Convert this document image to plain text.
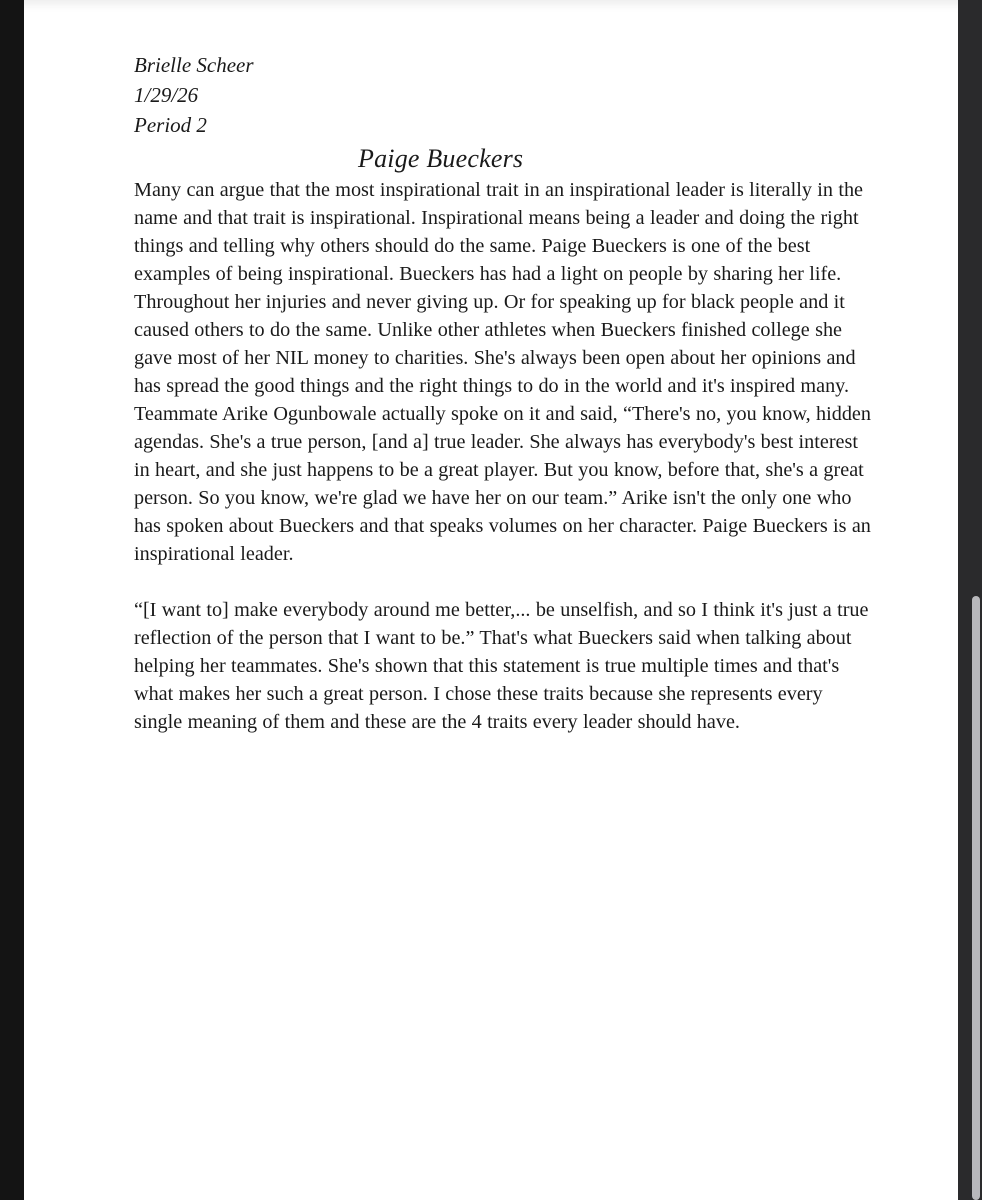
Brielle Scheer
1/29/26
Period 2
Paige Bueckers

Many can argue that the most inspirational trait in an inspirational leader is literally in the name and that trait is inspirational. Inspirational means being a leader and doing the right things and telling why others should do the same. Paige Bueckers is one of the best examples of being inspirational. Bueckers has had a light on people by sharing her life. Throughout her injuries and never giving up. Or for speaking up for black people and it caused others to do the same. Unlike other athletes when Bueckers finished college she gave most of her NIL money to charities. She's always been open about her opinions and has spread the good things and the right things to do in the world and it's inspired many. Teammate Arike Ogunbowale actually spoke on it and said, “There's no, you know, hidden agendas. She's a true person, [and a] true leader. She always has everybody's best interest in heart, and she just happens to be a great player. But you know, before that, she's a great person. So you know, we're glad we have her on our team.” Arike isn't the only one who has spoken about Bueckers and that speaks volumes on her character. Paige Bueckers is an inspirational leader.

“[I want to] make everybody around me better,... be unselfish, and so I think it's just a true reflection of the person that I want to be.” That's what Bueckers said when talking about helping her teammates. She's shown that this statement is true multiple times and that's what makes her such a great person. I chose these traits because she represents every single meaning of them and these are the 4 traits every leader should have.
